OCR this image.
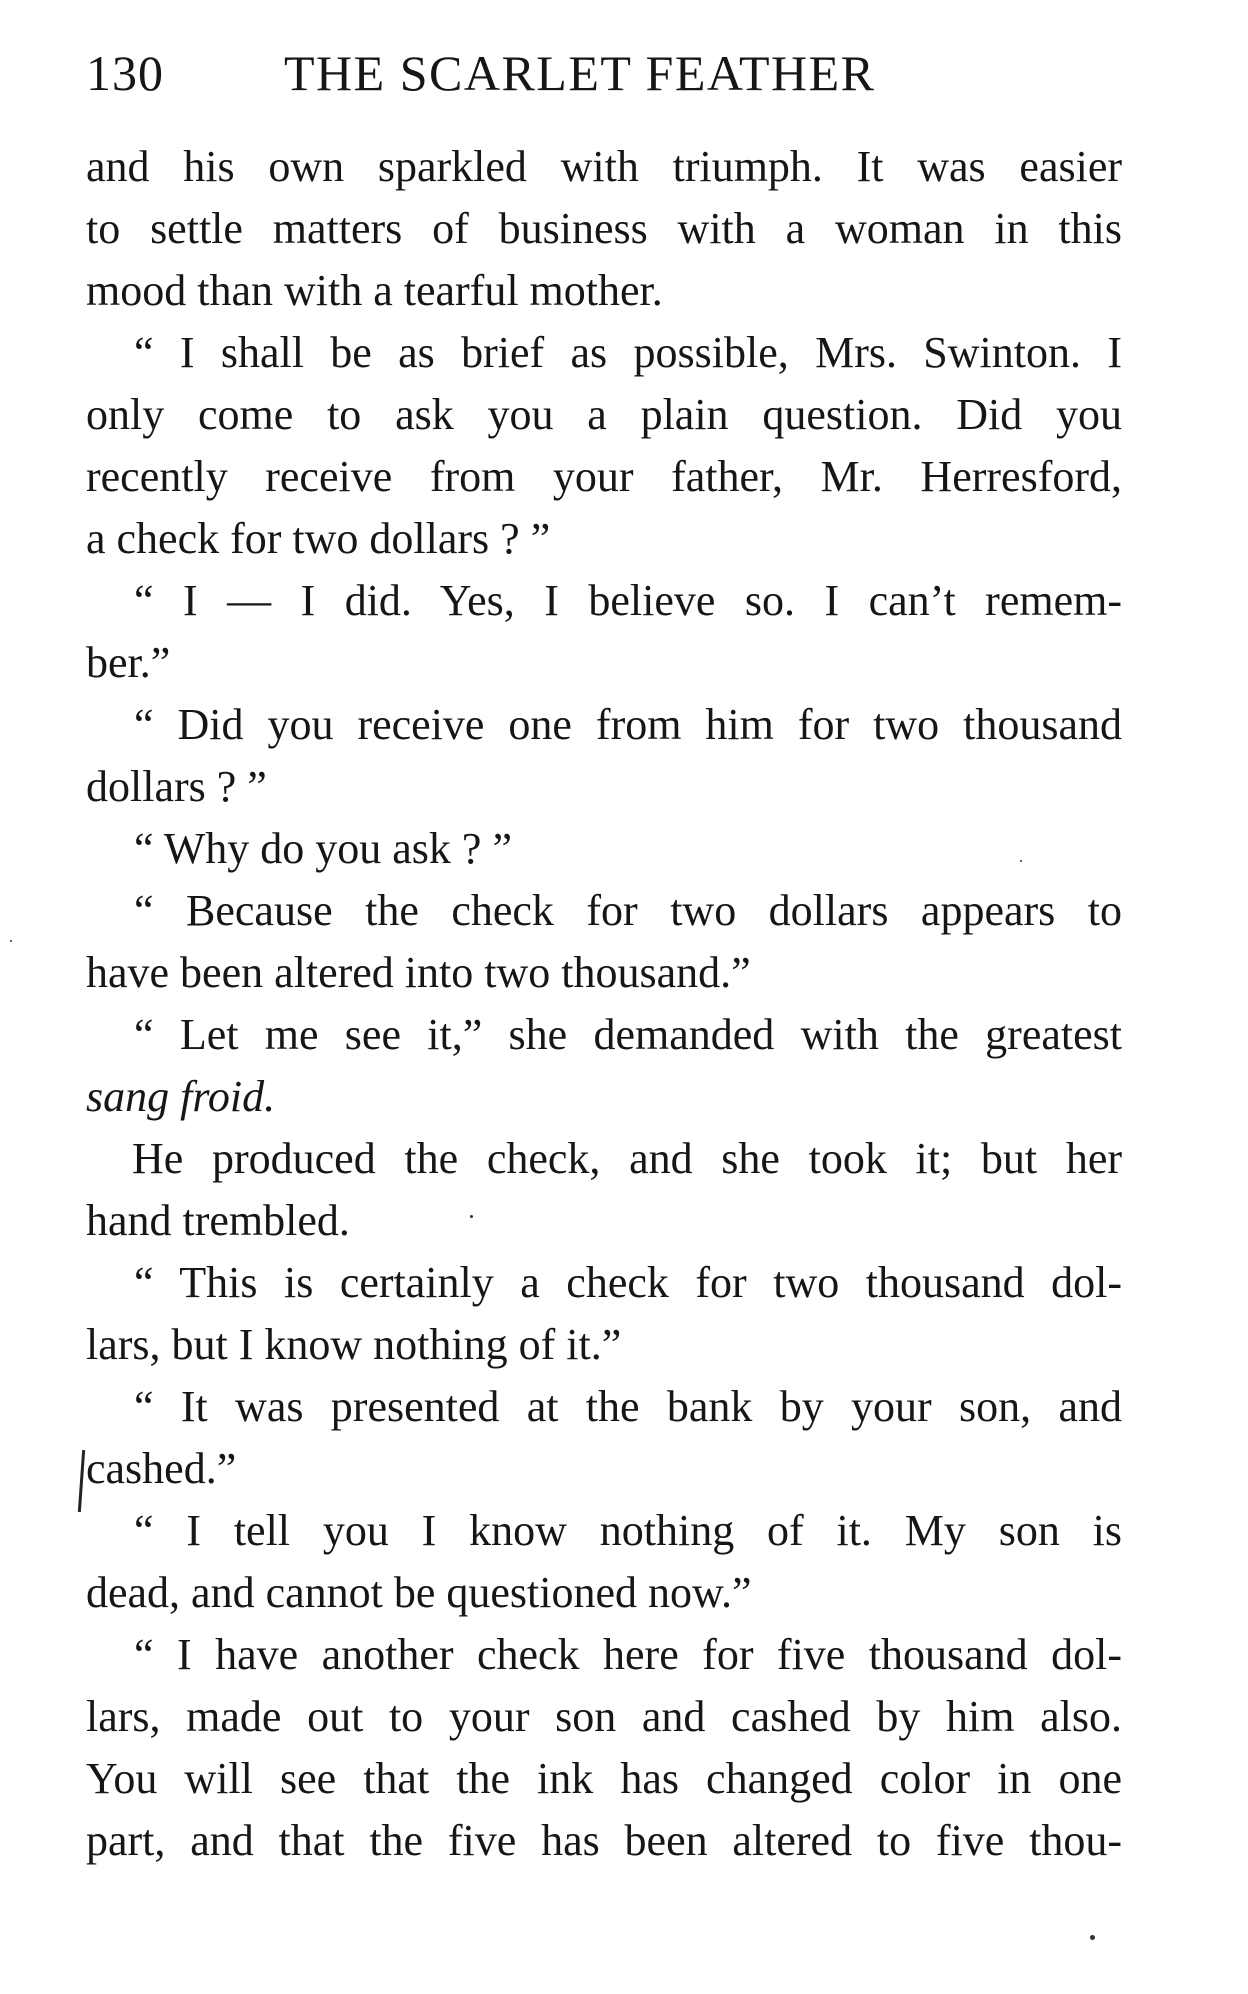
130 THE SCARLET FEATHER
and his own sparkled with triumph. It was easier
to settle matters of business with a woman in this
mood than with a tearful mother.
“ I shall be as brief as possible, Mrs. Swinton. I
only come to ask you a plain question. Did you
recently receive from your father, Mr. Herresford,
a check for two dollars ? ”
“ I — I did. Yes, I believe so. I can’t remem-
ber.”
“ Did you receive one from him for two thousand
dollars ? ”
“ Why do you ask ? ”
“ Because the check for two dollars appears to
have been altered into two thousand.”
“ Let me see it,” she demanded with the greatest
sang froid.
He produced the check, and she took it; but her
hand trembled.
“ This is certainly a check for two thousand dol-
lars, but I know nothing of it.”
“ It was presented at the bank by your son, and
cashed.”
“ I tell you I know nothing of it. My son is
dead, and cannot be questioned now.”
“ I have another check here for five thousand dol-
lars, made out to your son and cashed by him also.
You will see that the ink has changed color in one
part, and that the five has been altered to five thou-
